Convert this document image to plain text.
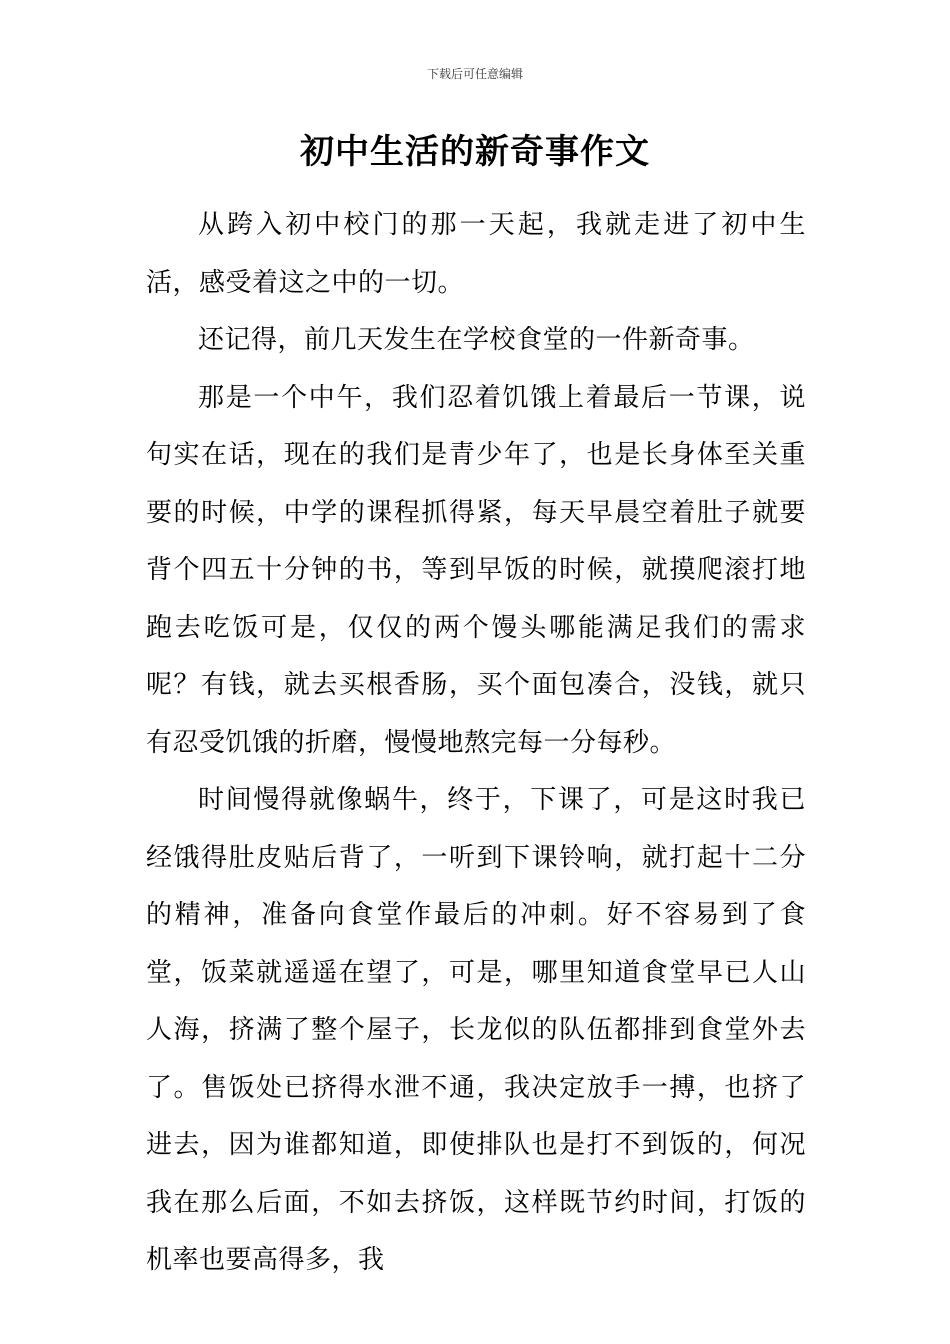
下载后可任意编辑
初中生活的新奇事作文

从跨入初中校门的那一天起，我就走进了初中生活，感受着这之中的一切。

还记得，前几天发生在学校食堂的一件新奇事。

那是一个中午，我们忍着饥饿上着最后一节课，说句实在话，现在的我们是青少年了，也是长身体至关重要的时候，中学的课程抓得紧，每天早晨空着肚子就要背个四五十分钟的书，等到早饭的时候，就摸爬滚打地跑去吃饭可是，仅仅的两个馒头哪能满足我们的需求呢？有钱，就去买根香肠，买个面包凑合，没钱，就只有忍受饥饿的折磨，慢慢地熬完每一分每秒。

时间慢得就像蜗牛，终于，下课了，可是这时我已经饿得肚皮贴后背了，一听到下课铃响，就打起十二分的精神，准备向食堂作最后的冲刺。好不容易到了食堂，饭菜就遥遥在望了，可是，哪里知道食堂早已人山人海，挤满了整个屋子，长龙似的队伍都排到食堂外去了。售饭处已挤得水泄不通，我决定放手一搏，也挤了进去，因为谁都知道，即使排队也是打不到饭的，何况我在那么后面，不如去挤饭，这样既节约时间，打饭的机率也要高得多，我
